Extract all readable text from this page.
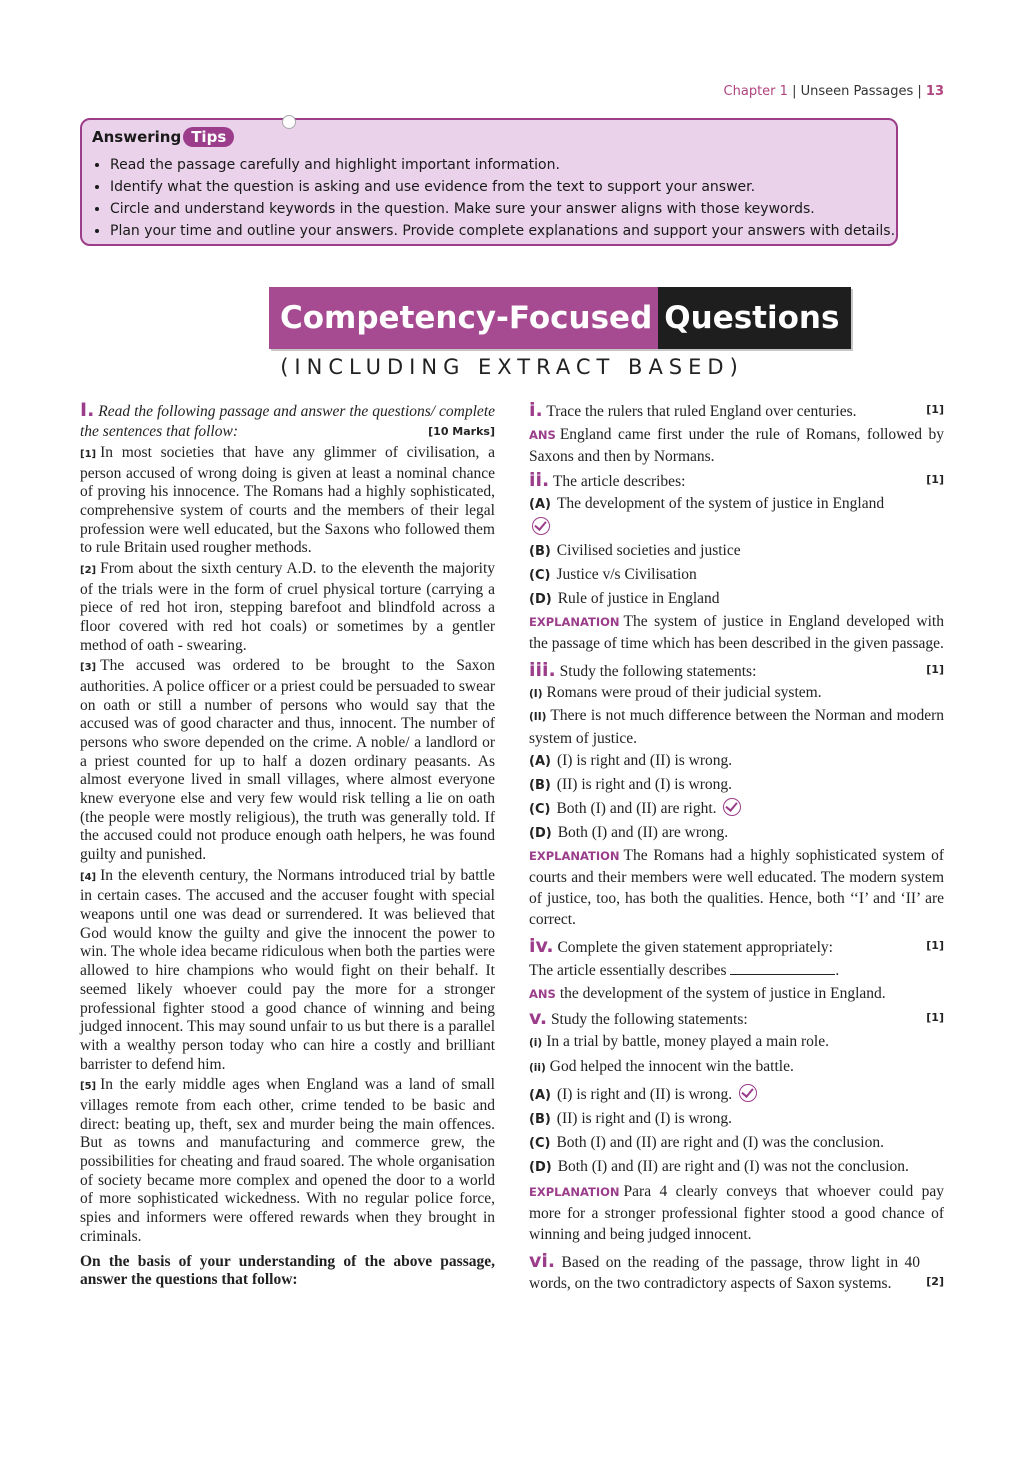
Chapter 1 | Unseen Passages | 13
Answering Tips
• Read the passage carefully and highlight important information.
• Identify what the question is asking and use evidence from the text to support your answer.
• Circle and understand keywords in the question. Make sure your answer aligns with those keywords.
• Plan your time and outline your answers. Provide complete explanations and support your answers with details.
Competency-Focused Questions
(INCLUDING EXTRACT BASED)

I. Read the following passage and answer the questions/ complete the sentences that follow:	[10 Marks]

[1] In most societies that have any glimmer of civilisation, a person accused of wrong doing is given at least a nominal chance of proving his innocence. The Romans had a highly sophisticated, comprehensive system of courts and the members of their legal profession were well educated, but the Saxons who followed them to rule Britain used rougher methods.

[2] From about the sixth century A.D. to the eleventh the majority of the trials were in the form of cruel physical torture (carrying a piece of red hot iron, stepping barefoot and blindfold across a floor covered with red hot coals) or sometimes by a gentler method of oath - swearing.

[3] The accused was ordered to be brought to the Saxon authorities. A police officer or a priest could be persuaded to swear on oath or still a number of persons who would say that the accused was of good character and thus, innocent. The number of persons who swore depended on the crime. A noble/ a landlord or a priest counted for up to half a dozen ordinary peasants. As almost everyone lived in small villages, where almost everyone knew everyone else and very few would risk telling a lie on oath (the people were mostly religious), the truth was generally told. If the accused could not produce enough oath helpers, he was found guilty and punished.

[4] In the eleventh century, the Normans introduced trial by battle in certain cases. The accused and the accuser fought with special weapons until one was dead or surrendered. It was believed that God would know the guilty and give the innocent the power to win. The whole idea became ridiculous when both the parties were allowed to hire champions who would fight on their behalf. It seemed likely whoever could pay the more for a stronger professional fighter stood a good chance of winning and being judged innocent. This may sound unfair to us but there is a parallel with a wealthy person today who can hire a costly and brilliant barrister to defend him.

[5] In the early middle ages when England was a land of small villages remote from each other, crime tended to be basic and direct: beating up, theft, sex and murder being the main offences. But as towns and manufacturing and commerce grew, the possibilities for cheating and fraud soared. The whole organisation of society became more complex and opened the door to a world of more sophisticated wickedness. With no regular police force, spies and informers were offered rewards when they brought in criminals.

On the basis of your understanding of the above passage, answer the questions that follow:

i. Trace the rulers that ruled England over centuries.	[1]

ANS England came first under the rule of Romans, followed by Saxons and then by Normans.

ii. The article describes:	[1]

(A) The development of the system of justice in England

(B) Civilised societies and justice

(C) Justice v/s Civilisation

(D) Rule of justice in England

EXPLANATION The system of justice in England developed with the passage of time which has been described in the given passage.

iii. Study the following statements:	[1]

(I) Romans were proud of their judicial system.

(II) There is not much difference between the Norman and modern system of justice.

(A) (I) is right and (II) is wrong.

(B) (II) is right and (I) is wrong.

(C) Both (I) and (II) are right.

(D) Both (I) and (II) are wrong.

EXPLANATION The Romans had a highly sophisticated system of courts and their members were well educated. The modern system of justice, too, has both the qualities. Hence, both ‘‘I’ and ‘II’ are correct.

iv. Complete the given statement appropriately:	[1]

The article essentially describes	.

ANS the development of the system of justice in England.

v. Study the following statements:	[1]

(i) In a trial by battle, money played a main role.

(ii) God helped the innocent win the battle.

(A) (I) is right and (II) is wrong.

(B) (II) is right and (I) is wrong.

(C) Both (I) and (II) are right and (I) was the conclusion.

(D) Both (I) and (II) are right and (I) was not the conclusion.

EXPLANATION Para 4 clearly conveys that whoever could pay more for a stronger professional fighter stood a good chance of winning and being judged innocent.

vi. Based on the reading of the passage, throw light in 40 words, on the two contradictory aspects of Saxon systems.	[2]
